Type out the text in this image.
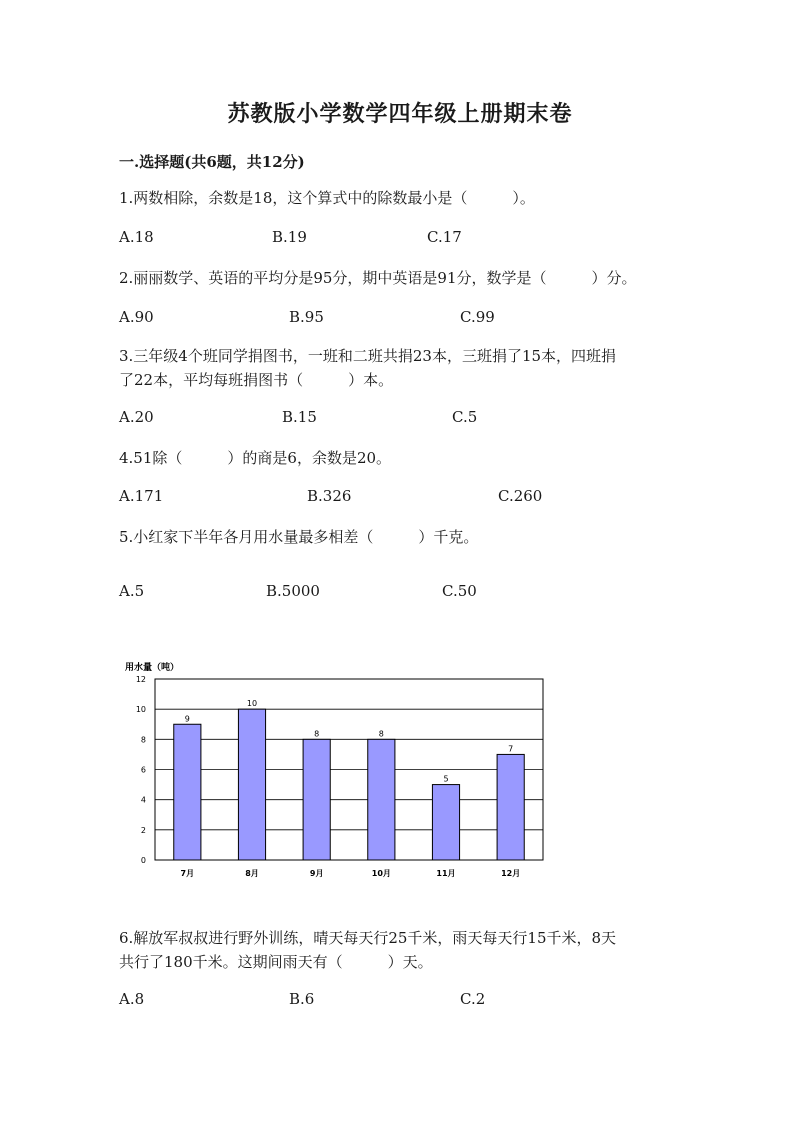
苏教版小学数学四年级上册期末卷
一.选择题(共6题，共12分)
1.两数相除，余数是18，这个算式中的除数最小是（　　　）。
A.18	B.19	C.17
2.丽丽数学、英语的平均分是95分，期中英语是91分，数学是（　　　）分。
A.90	B.95	C.99
3.三年级4个班同学捐图书，一班和二班共捐23本，三班捐了15本，四班捐
了22本，平均每班捐图书（　　　）本。
A.20	B.15	C.5
4.51除（　　　）的商是6，余数是20。
A.171	B.326	C.260
5.小红家下半年各月用水量最多相差（　　　）千克。
A.5	B.5000	C.50
用水量（吨）
0
2
4
6
8
10
12
9
7月
10
8月
8
9月
8
10月
5
11月
7
12月
6.解放军叔叔进行野外训练，晴天每天行25千米，雨天每天行15千米，8天
共行了180千米。这期间雨天有（　　　）天。
A.8	B.6	C.2
